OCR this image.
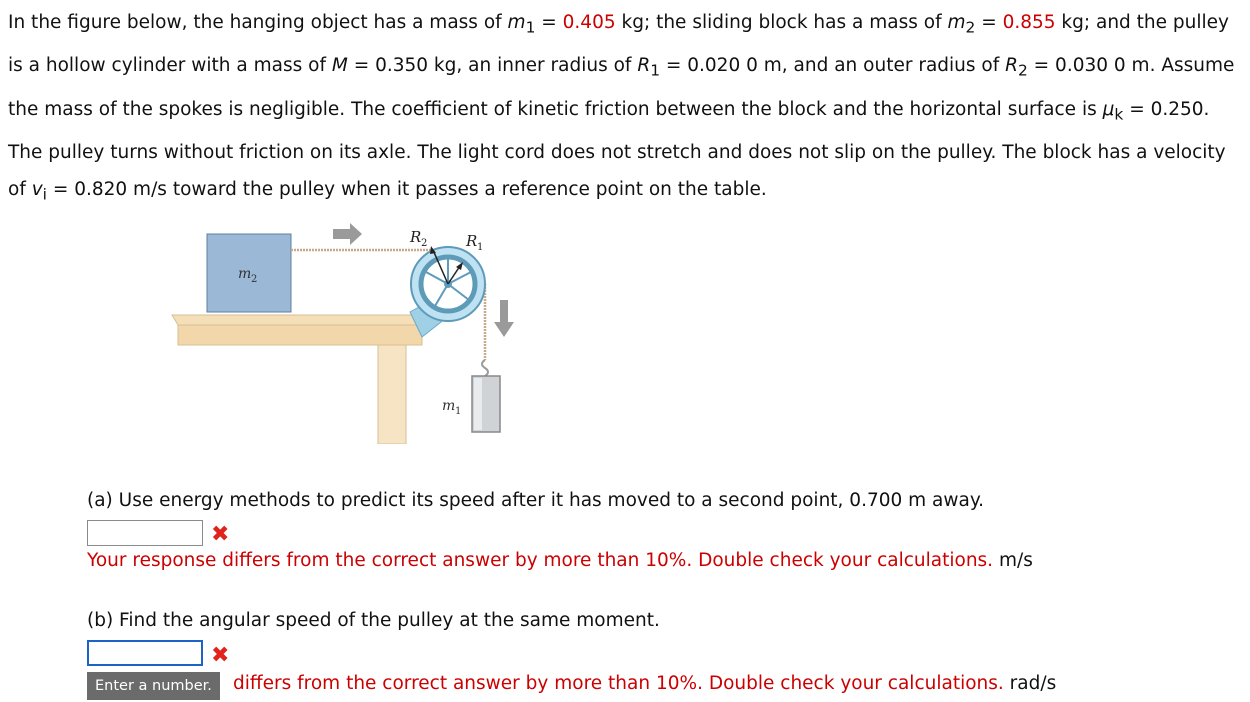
In the figure below, the hanging object has a mass of $m_1 = 0.405$ kg; the sliding block has a mass of $m_2 = 0.855$ kg; and the pulley is a hollow cylinder with a mass of M = 0.350 kg, an inner radius of $R_1 = 0.020$ 0 m, and an outer radius of $R_2 = 0.030$ 0 m. Assume the mass of the spokes is negligible. The coefficient of kinetic friction between the block and the horizontal surface is $\mu_k = 0.250$. The pulley turns without friction on its axle. The light cord does not stretch and does not slip on the pulley. The block has a velocity of $v_i = 0.820$ m/s toward the pulley when it passes a reference point on the table.
m 2
R 2	R 1
m 1
(a) Use energy methods to predict its speed after it has moved to a second point, 0.700 m away.
✖
Your response differs from the correct answer by more than 10%. Double check your calculations. m/s
(b) Find the angular speed of the pulley at the same moment.
✖
Enter a number.	differs from the correct answer by more than 10%. Double check your calculations. rad/s
